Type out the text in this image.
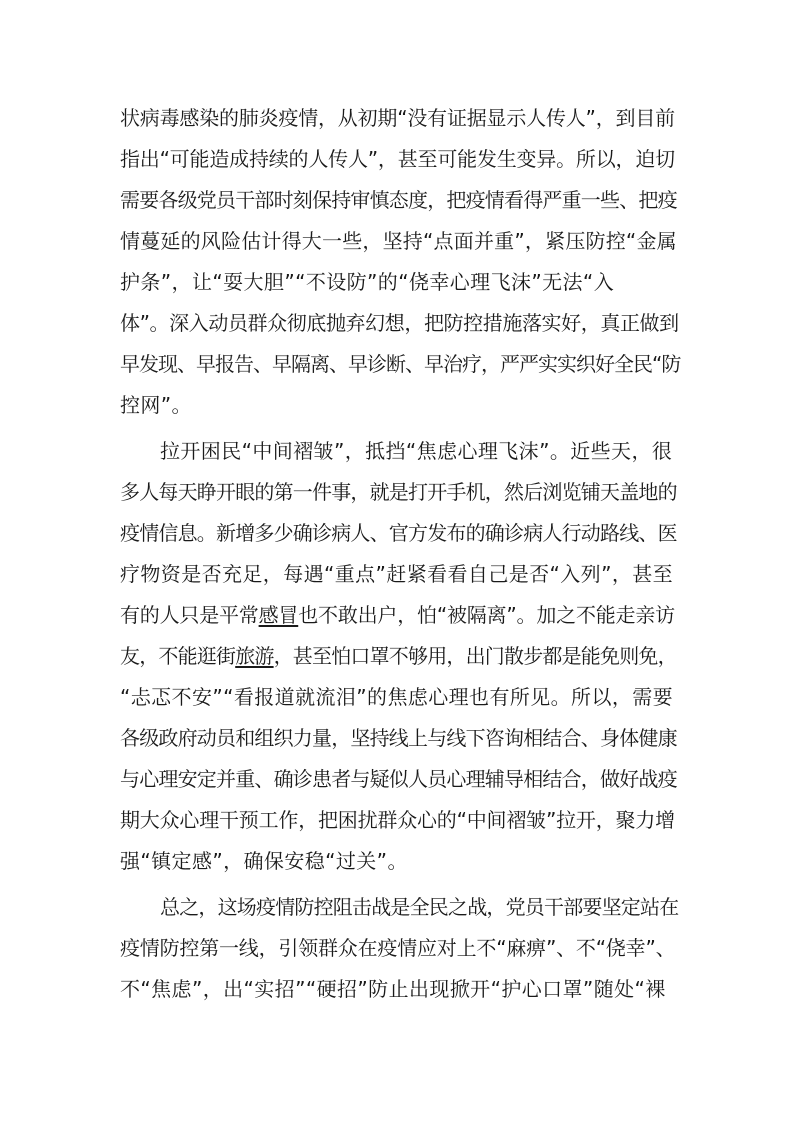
状病毒感染的肺炎疫情，从初期“没有证据显示人传人”，到目前
指出“可能造成持续的人传人”，甚至可能发生变异。所以，迫切
需要各级党员干部时刻保持审慎态度，把疫情看得严重一些、把疫
情蔓延的风险估计得大一些，坚持“点面并重”，紧压防控“金属
护条”，让“耍大胆”“不设防”的“侥幸心理飞沫”无法“入
体”。深入动员群众彻底抛弃幻想，把防控措施落实好，真正做到
早发现、早报告、早隔离、早诊断、早治疗，严严实实织好全民“防
控网”。
拉开困民“中间褶皱”，抵挡“焦虑心理飞沫”。近些天，很
多人每天睁开眼的第一件事，就是打开手机，然后浏览铺天盖地的
疫情信息。新增多少确诊病人、官方发布的确诊病人行动路线、医
疗物资是否充足，每遇“重点”赶紧看看自己是否“入列”，甚至
有的人只是平常感冒也不敢出户，怕“被隔离”。加之不能走亲访
友，不能逛街旅游，甚至怕口罩不够用，出门散步都是能免则免，
“忐忑不安”“看报道就流泪”的焦虑心理也有所见。所以，需要
各级政府动员和组织力量，坚持线上与线下咨询相结合、身体健康
与心理安定并重、确诊患者与疑似人员心理辅导相结合，做好战疫
期大众心理干预工作，把困扰群众心的“中间褶皱”拉开，聚力增
强“镇定感”，确保安稳“过关”。
总之，这场疫情防控阻击战是全民之战，党员干部要坚定站在
疫情防控第一线，引领群众在疫情应对上不“麻痹”、不“侥幸”、
不“焦虑”，出“实招”“硬招”防止出现掀开“护心口罩”随处“裸
